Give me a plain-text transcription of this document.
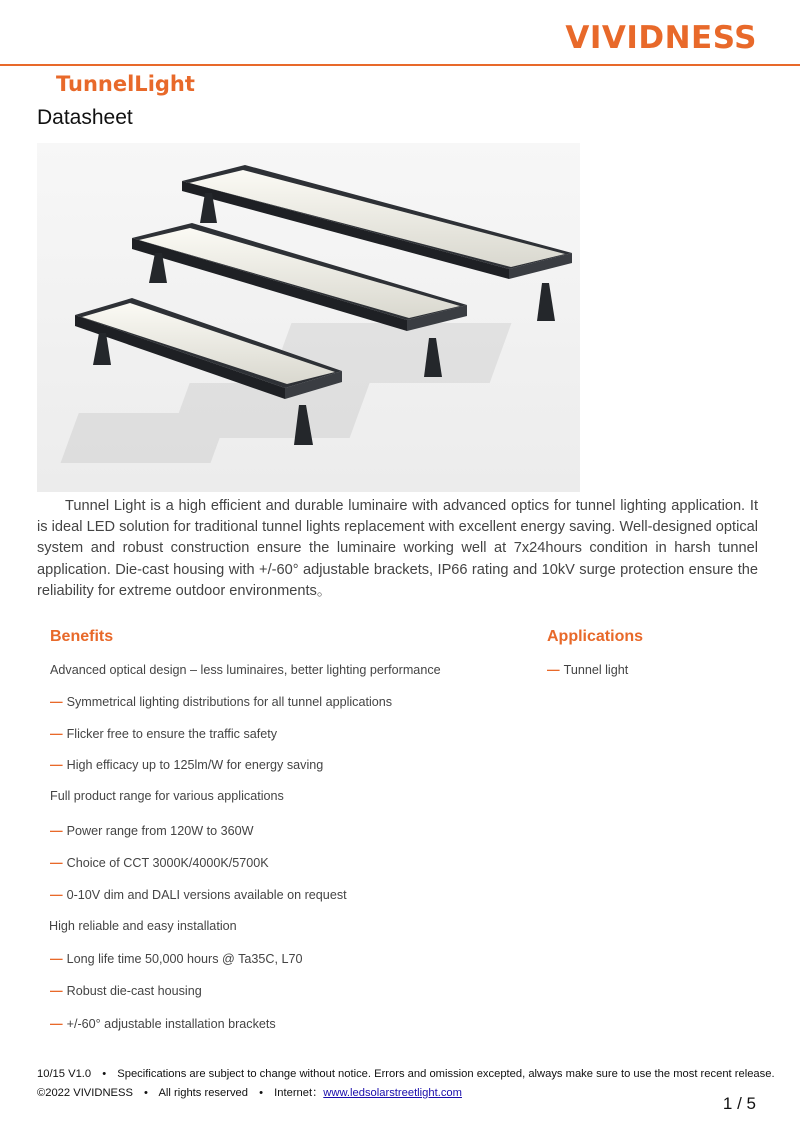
VIVIDNESS
TunnelLight
Datasheet

Tunnel Light is a high efficient and durable luminaire with advanced optics for tunnel lighting application. It is ideal LED solution for traditional tunnel lights replacement with excellent energy saving. Well-designed optical system and robust construction ensure the luminaire working well at 7x24hours condition in harsh tunnel application. Die-cast housing with +/-60° adjustable brackets, IP66 rating and 10kV surge protection ensure the reliability for extreme outdoor environments。

Benefits	Applications
Advanced optical design – less luminaires, better lighting performance
— Symmetrical lighting distributions for all tunnel applications
— Flicker free to ensure the traffic safety
— High efficacy up to 125lm/W for energy saving
Full product range for various applications
— Power range from 120W to 360W
— Choice of CCT 3000K/4000K/5700K
— 0-10V dim and DALI versions available on request
High reliable and easy installation
— Long life time 50,000 hours @ Ta35C, L70
— Robust die-cast housing
— +/-60° adjustable installation brackets
— Tunnel light
10/15 V1.0 • Specifications are subject to change without notice. Errors and omission excepted, always make sure to use the most recent release.
©2022 VIVIDNESS • All rights reserved • Internet：www.ledsolarstreetlight.com
1 / 5
